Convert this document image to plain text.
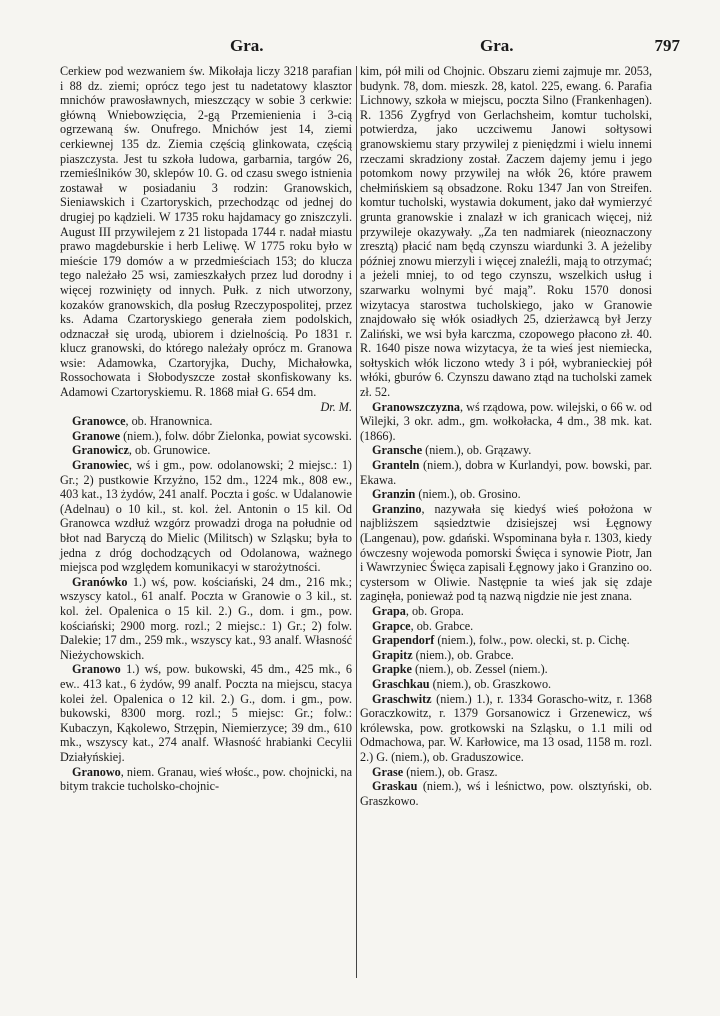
Gra.	Gra.	797

Cerkiew pod wezwaniem św. Mikołaja liczy 3218 parafian i 88 dz. ziemi; oprócz tego jest tu nadetatowy klasztor mnichów prawosławnych, mieszczący w sobie 3 cerkwie: główną Wniebowzięcia, 2-gą Przemienienia i 3-cią ogrzewaną św. Onufrego. Mnichów jest 14, ziemi cerkiewnej 135 dz. Ziemia częścią glinkowata, częścią piaszczysta. Jest tu szkoła ludowa, garbarnia, targów 26, rzemieślników 30, sklepów 10. G. od czasu swego istnienia zostawał w posiadaniu 3 rodzin: Granowskich, Sieniawskich i Czartoryskich, przechodząc od jednej do drugiej po kądzieli. W 1735 roku hajdamacy go zniszczyli. August III przywilejem z 21 listopada 1744 r. nadał miastu prawo magdeburskie i herb Leliwę. W 1775 roku było w mieście 179 domów a w przedmieściach 153; do klucza tego należało 25 wsi, zamieszkałych przez lud dorodny i więcej rozwinięty od innych. Pułk. z nich utworzony, kozaków granowskich, dla posług Rzeczypospolitej, przez ks. Adama Czartoryskiego generała ziem podolskich, odznaczał się urodą, ubiorem i dzielnością. Po 1831 r. klucz granowski, do którego należały oprócz m. Granowa wsie: Adamowka, Czartoryjka, Duchy, Michałowka, Rossochowata i Słobodyszcze został skonfiskowany ks. Adamowi Czartoryskiemu. R. 1868 miał G. 654 dm.

Dr. M.

Granowce, ob. Hranownica.

Granowe (niem.), folw. dóbr Zielonka, powiat sycowski.

Granowicz, ob. Grunowice.

Granowiec, wś i gm., pow. odolanowski; 2 miejsc.: 1) Gr.; 2) pustkowie Krzyżno, 152 dm., 1224 mk., 808 ew., 403 kat., 13 żydów, 241 analf. Poczta i gośc. w Udalanowie (Adelnau) o 10 kil., st. kol. żel. Antonin o 15 kil. Od Granowca wzdłuż wzgórz prowadzi droga na południe od błot nad Baryczą do Mielic (Militsch) w Szląsku; była to jedna z dróg dochodzących od Odolanowa, ważnego miejsca pod względem komunikacyi w starożytności.

Granówko 1.) wś, pow. kościański, 24 dm., 216 mk.; wszyscy katol., 61 analf. Poczta w Granowie o 3 kil., st. kol. żel. Opalenica o 15 kil. 2.) G., dom. i gm., pow. kościański; 2900 morg. rozl.; 2 miejsc.: 1) Gr.; 2) folw. Dalekie; 17 dm., 259 mk., wszyscy kat., 93 analf. Własność Nieżychowskich.

Granowo 1.) wś, pow. bukowski, 45 dm., 425 mk., 6 ew.. 413 kat., 6 żydów, 99 analf. Poczta na miejscu, stacya kolei żel. Opalenica o 12 kil. 2.) G., dom. i gm., pow. bukowski, 8300 morg. rozl.; 5 miejsc: Gr.; folw.: Kubaczyn, Kąkolewo, Strzępin, Niemierzyce; 39 dm., 610 mk., wszyscy kat., 274 analf. Własność hrabianki Cecylii Działyńskiej.

Granowo, niem. Granau, wieś włośc., pow. chojnicki, na bitym trakcie tucholsko-chojnic-

kim, pół mili od Chojnic. Obszaru ziemi zajmuje mr. 2053, budynk. 78, dom. mieszk. 28, katol. 225, ewang. 6. Parafia Lichnowy, szkoła w miejscu, poczta Silno (Frankenhagen). R. 1356 Zygfryd von Gerlachsheim, komtur tucholski, potwierdza, jako uczciwemu Janowi sołtysowi granowskiemu stary przywilej z pieniędzmi i wielu innemi rzeczami skradziony został. Zaczem dajemy jemu i jego potomkom nowy przywilej na włók 26, które prawem chełmińskiem są obsadzone. Roku 1347 Jan von Streifen. komtur tucholski, wystawia dokument, jako dał wymierzyć grunta granowskie i znalazł w ich granicach więcej, niż przywileje okazywały. „Za ten nadmiarek (nieoznaczony zresztą) płacić nam będą czynszu wiardunki 3. A jeżeliby później znowu mierzyli i więcej znaleźli, mają to otrzymać; a jeżeli mniej, to od tego czynszu, wszelkich usług i szarwarku wolnymi być mają”. Roku 1570 donosi wizytacya starostwa tucholskiego, jako w Granowie znajdowało się włók osiadłych 25, dzierżawcą był Jerzy Zaliński, we wsi była karczma, czopowego płacono zł. 40. R. 1640 pisze nowa wizytacya, że ta wieś jest niemiecka, sołtyskich włók liczono wtedy 3 i pół, wybranieckiej pół włóki, gburów 6. Czynszu dawano ztąd na tucholski zamek zł. 52.

Granowszczyzna, wś rządowa, pow. wilejski, o 66 w. od Wilejki, 3 okr. adm., gm. wołkołacka, 4 dm., 38 mk. kat. (1866).

Gransche (niem.), ob. Grązawy.

Granteln (niem.), dobra w Kurlandyi, pow. bowski, par. Ekawa.

Granzin (niem.), ob. Grosino.

Granzino, nazywała się kiedyś wieś położona w najbliższem sąsiedztwie dzisiejszej wsi Łęgnowy (Langenau), pow. gdański. Wspominana była r. 1303, kiedy ówczesny wojewoda pomorski Święca i synowie Piotr, Jan i Wawrzyniec Święca zapisali Łęgnowy jako i Granzino oo. cystersom w Oliwie. Następnie ta wieś jak się zdaje zaginęła, ponieważ pod tą nazwą nigdzie nie jest znana.

Grapa, ob. Gropa.

Grapce, ob. Grabce.

Grapendorf (niem.), folw., pow. olecki, st. p. Cichę.

Grapitz (niem.), ob. Grabce.

Grapke (niem.), ob. Zessel (niem.).

Graschkau (niem.), ob. Graszkowo.

Graschwitz (niem.) 1.), r. 1334 Gorascho-witz, r. 1368 Goraczkowitz, r. 1379 Gorsanowicz i Grzenewicz, wś królewska, pow. grotkowski na Szląsku, o 1.1 mili od Odmachowa, par. W. Karłowice, ma 13 osad, 1158 m. rozl. 2.) G. (niem.), ob. Graduszowice.

Grase (niem.), ob. Grasz.

Graskau (niem.), wś i leśnictwo, pow. olsztyński, ob. Graszkowo.
